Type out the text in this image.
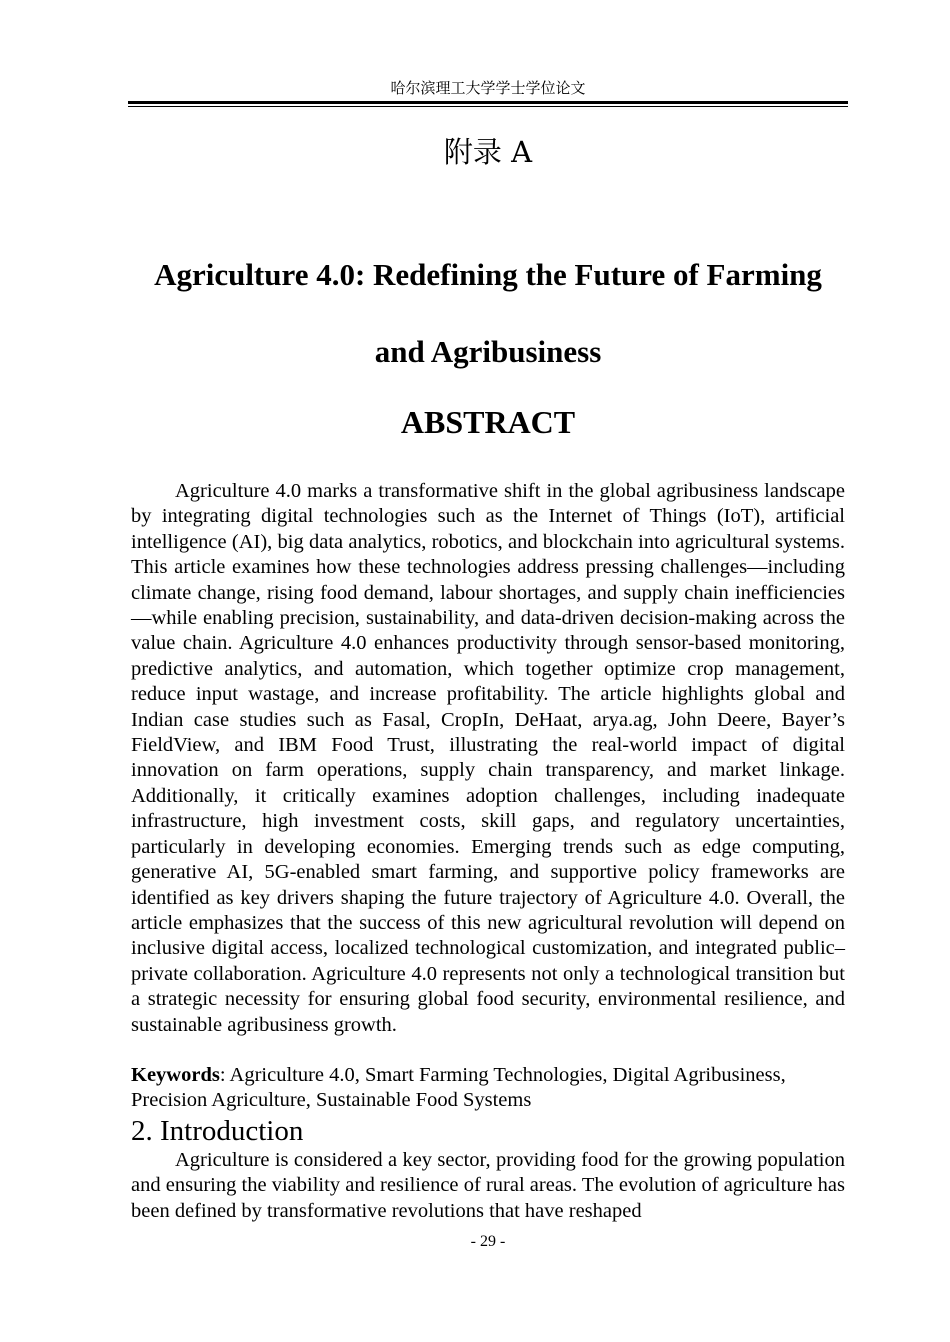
哈尔滨理工大学学士学位论文
附录 A
Agriculture 4.0: Redefining the Future of Farming
and Agribusiness
ABSTRACT

Agriculture 4.0 marks a transformative shift in the global agribusiness landscape by integrating digital technologies such as the Internet of Things (IoT), artificial intelligence (AI), big data analytics, robotics, and blockchain into agricultural systems. This article examines how these technologies address pressing challenges—including climate change, rising food demand, labour shortages, and supply chain inefficiencies—while enabling precision, sustainability, and data-driven decision-making across the value chain. Agriculture 4.0 enhances productivity through sensor-based monitoring, predictive analytics, and automation, which together optimize crop management, reduce input wastage, and increase profitability. The article highlights global and Indian case studies such as Fasal, CropIn, DeHaat, arya.ag, John Deere, Bayer’s FieldView, and IBM Food Trust, illustrating the real-world impact of digital innovation on farm operations, supply chain transparency, and market linkage. Additionally, it critically examines adoption challenges, including inadequate infrastructure, high investment costs, skill gaps, and regulatory uncertainties, particularly in developing economies. Emerging trends such as edge computing, generative AI, 5G-enabled smart farming, and supportive policy frameworks are identified as key drivers shaping the future trajectory of Agriculture 4.0. Overall, the article emphasizes that the success of this new agricultural revolution will depend on inclusive digital access, localized technological customization, and integrated public–private collaboration. Agriculture 4.0 represents not only a technological transition but a strategic necessity for ensuring global food security, environmental resilience, and sustainable agribusiness growth.

Keywords: Agriculture 4.0, Smart Farming Technologies, Digital Agribusiness, Precision Agriculture, Sustainable Food Systems

2. Introduction

Agriculture is considered a key sector, providing food for the growing population and ensuring the viability and resilience of rural areas. The evolution of agriculture has been defined by transformative revolutions that have reshaped

- 29 -
